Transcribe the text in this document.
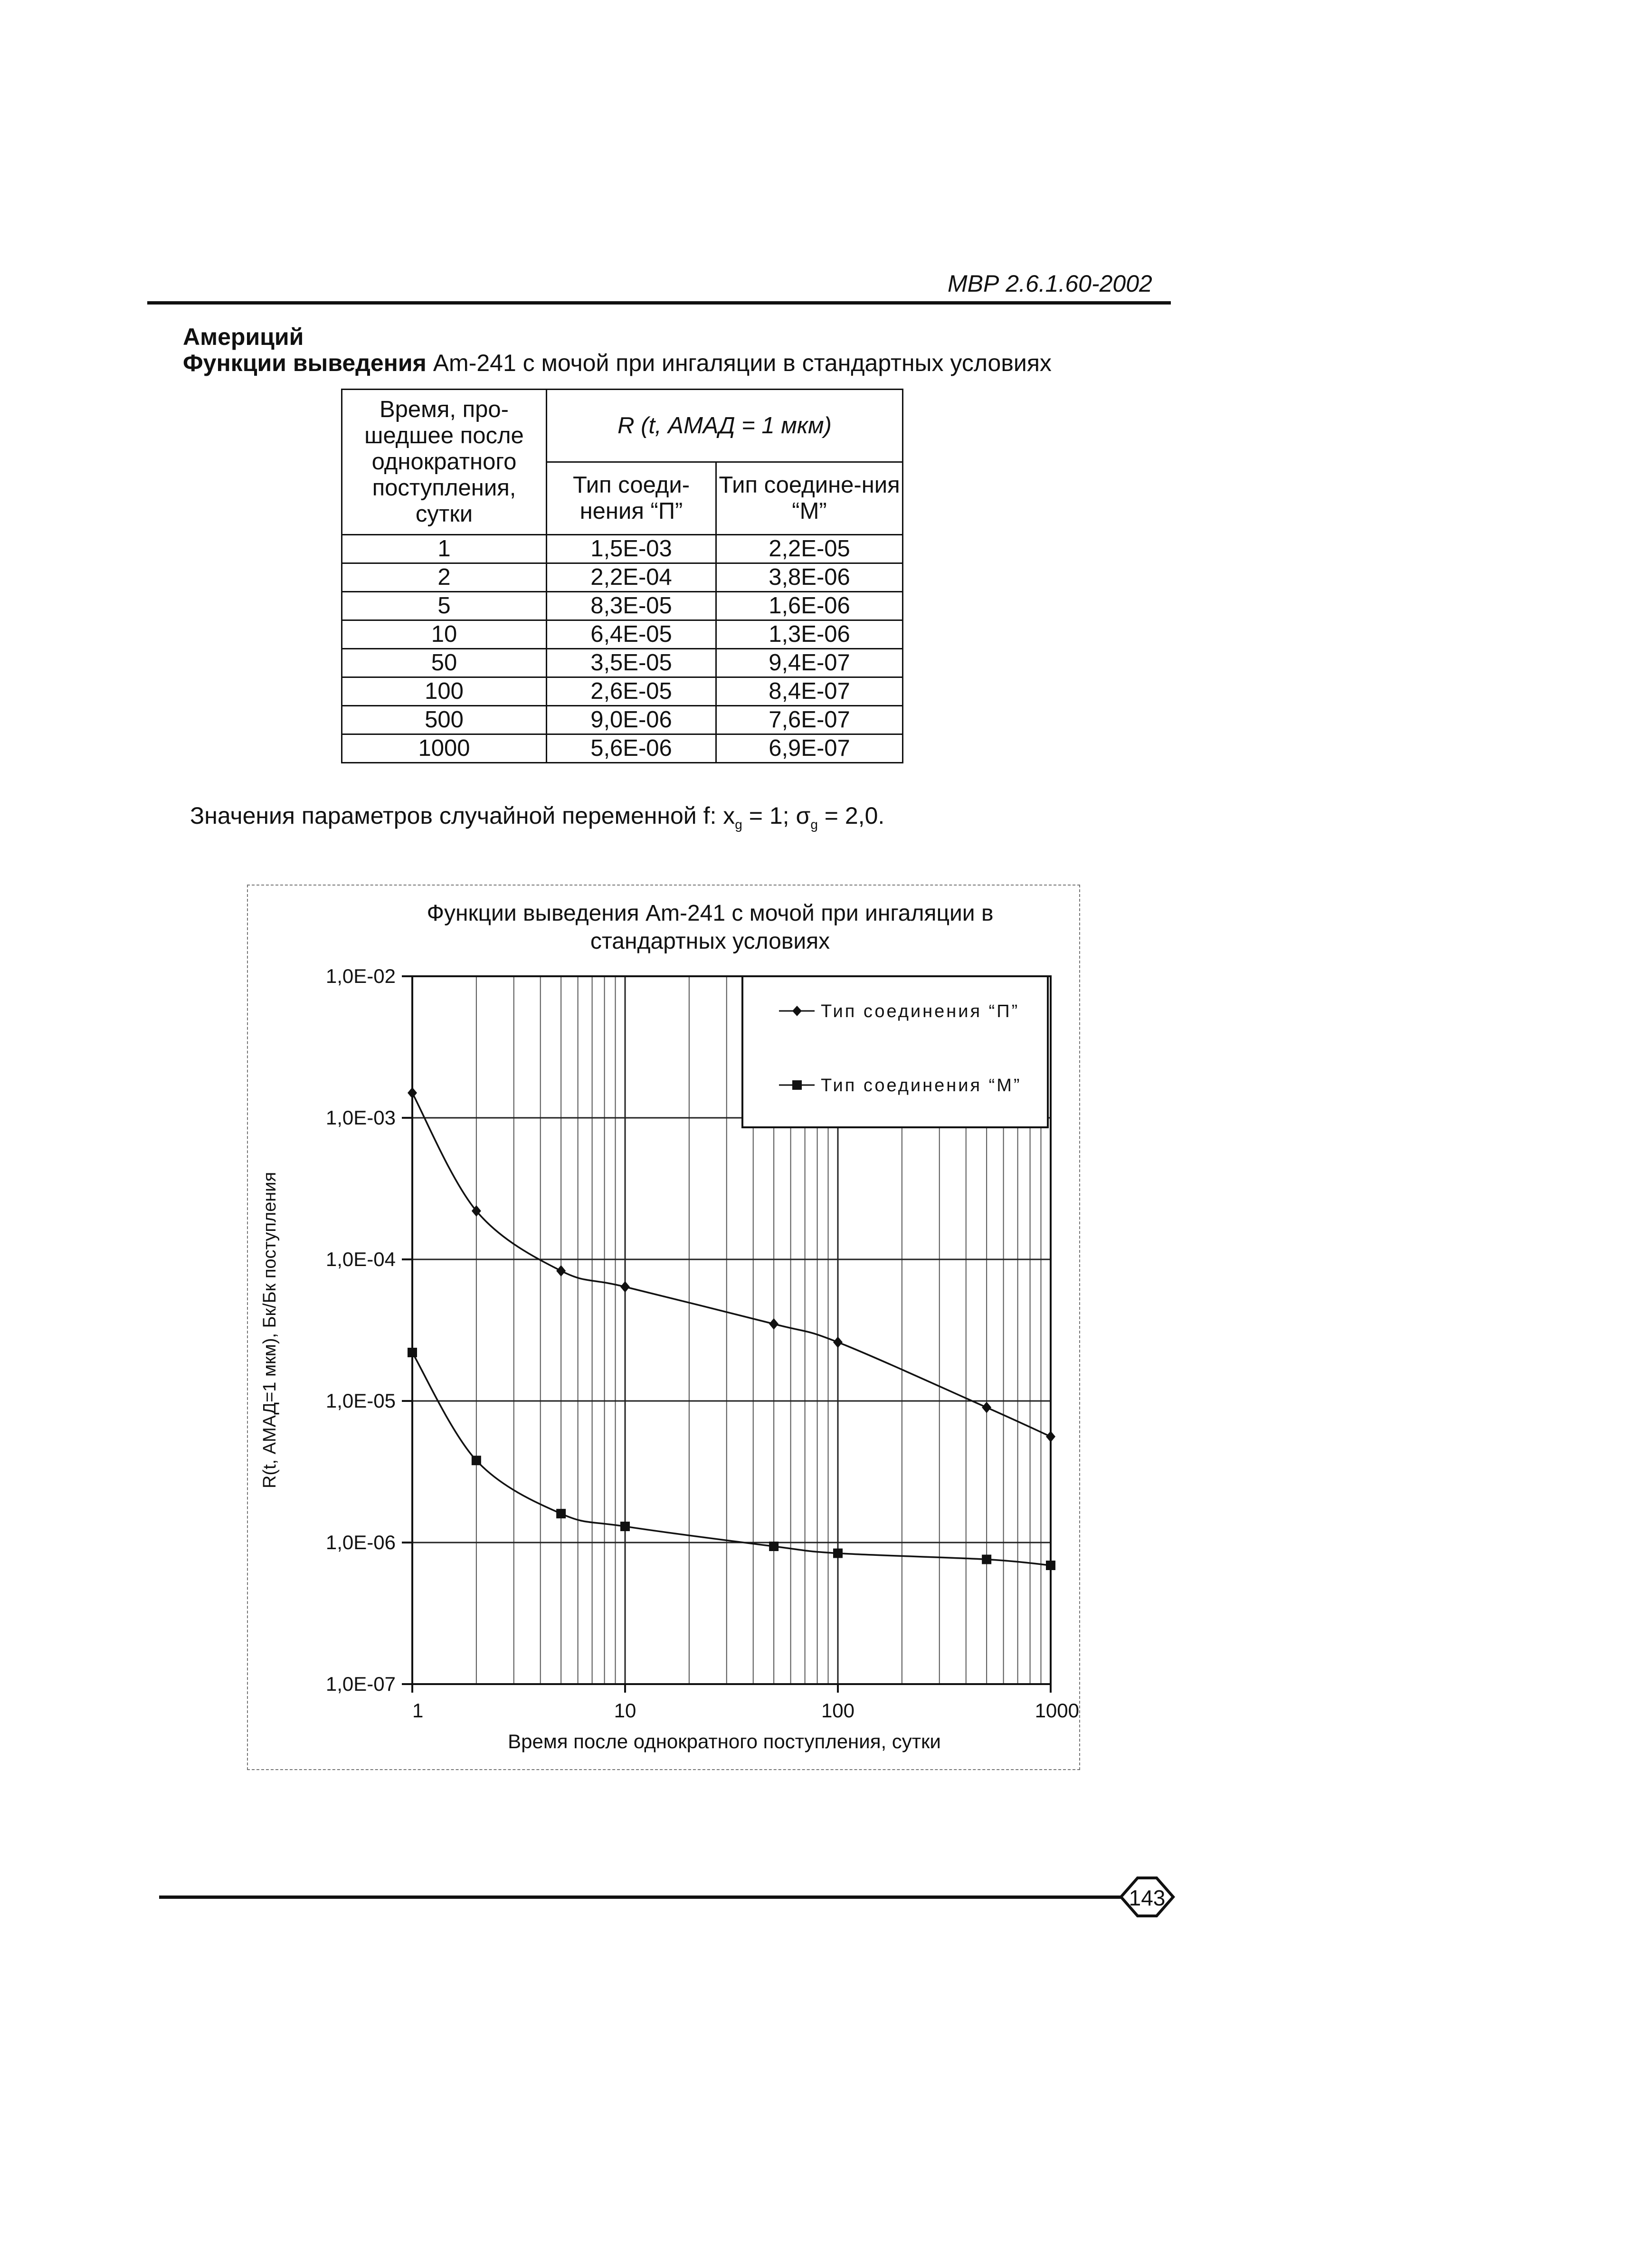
МВР 2.6.1.60-2002
Америций
Функции выведения Am-241 с мочой при ингаляции в стандартных условиях
Время, про-шедшее после однократного поступления, сутки	R (t, АМАД = 1 мкм)	
	Тип соеди-нения “П”	Тип соедине-ния “М”
1	1,5E-03	2,2E-05
2	2,2E-04	3,8E-06
5	8,3E-05	1,6E-06
10	6,4E-05	1,3E-06
50	3,5E-05	9,4E-07
100	2,6E-05	8,4E-07
500	9,0E-06	7,6E-07
1000	5,6E-06	6,9E-07
Значения параметров случайной переменной f: $x_g = 1$; $\sigma_g = 2,0$.
1,0E-02
1,0E-03
1,0E-04
1,0E-05
1,0E-06
1,0E-07
1	10	100	1000
Тип соединения “П”
Тип соединения “М”
Функции выведения Am-241 с мочой при ингаляции в
стандартных условиях
Время после однократного поступления, сутки
R(t, АМАД=1 мкм), Бк/Бк поступления
143
